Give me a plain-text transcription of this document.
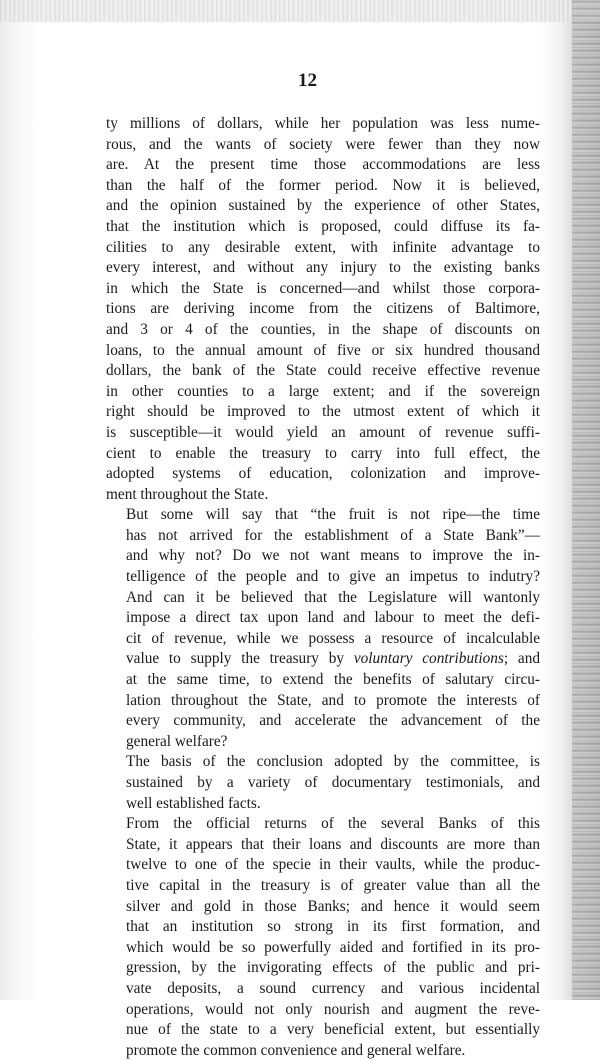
12

ty millions of dollars, while her population was less nume-
rous, and the wants of society were fewer than they now
are. At the present time those accommodations are less
than the half of the former period. Now it is believed,
and the opinion sustained by the experience of other States,
that the institution which is proposed, could diffuse its fa-
cilities to any desirable extent, with infinite advantage to
every interest, and without any injury to the existing banks
in which the State is concerned—and whilst those corpora-
tions are deriving income from the citizens of Baltimore,
and 3 or 4 of the counties, in the shape of discounts on
loans, to the annual amount of five or six hundred thousand
dollars, the bank of the State could receive effective revenue
in other counties to a large extent; and if the sovereign
right should be improved to the utmost extent of which it
is susceptible—it would yield an amount of revenue suffi-
cient to enable the treasury to carry into full effect, the
adopted systems of education, colonization and improve-
ment throughout the State.

But some will say that “the fruit is not ripe—the time
has not arrived for the establishment of a State Bank”—
and why not? Do we not want means to improve the in-
telligence of the people and to give an impetus to indutry?
And can it be believed that the Legislature will wantonly
impose a direct tax upon land and labour to meet the defi-
cit of revenue, while we possess a resource of incalculable
value to supply the treasury by voluntary contributions; and
at the same time, to extend the benefits of salutary circu-
lation throughout the State, and to promote the interests of
every community, and accelerate the advancement of the
general welfare?

The basis of the conclusion adopted by the committee, is
sustained by a variety of documentary testimonials, and
well established facts.

From the official returns of the several Banks of this
State, it appears that their loans and discounts are more than
twelve to one of the specie in their vaults, while the produc-
tive capital in the treasury is of greater value than all the
silver and gold in those Banks; and hence it would seem
that an institution so strong in its first formation, and
which would be so powerfully aided and fortified in its pro-
gression, by the invigorating effects of the public and pri-
vate deposits, a sound currency and various incidental
operations, would not only nourish and augment the reve-
nue of the state to a very beneficial extent, but essentially
promote the common convenience and general welfare.
